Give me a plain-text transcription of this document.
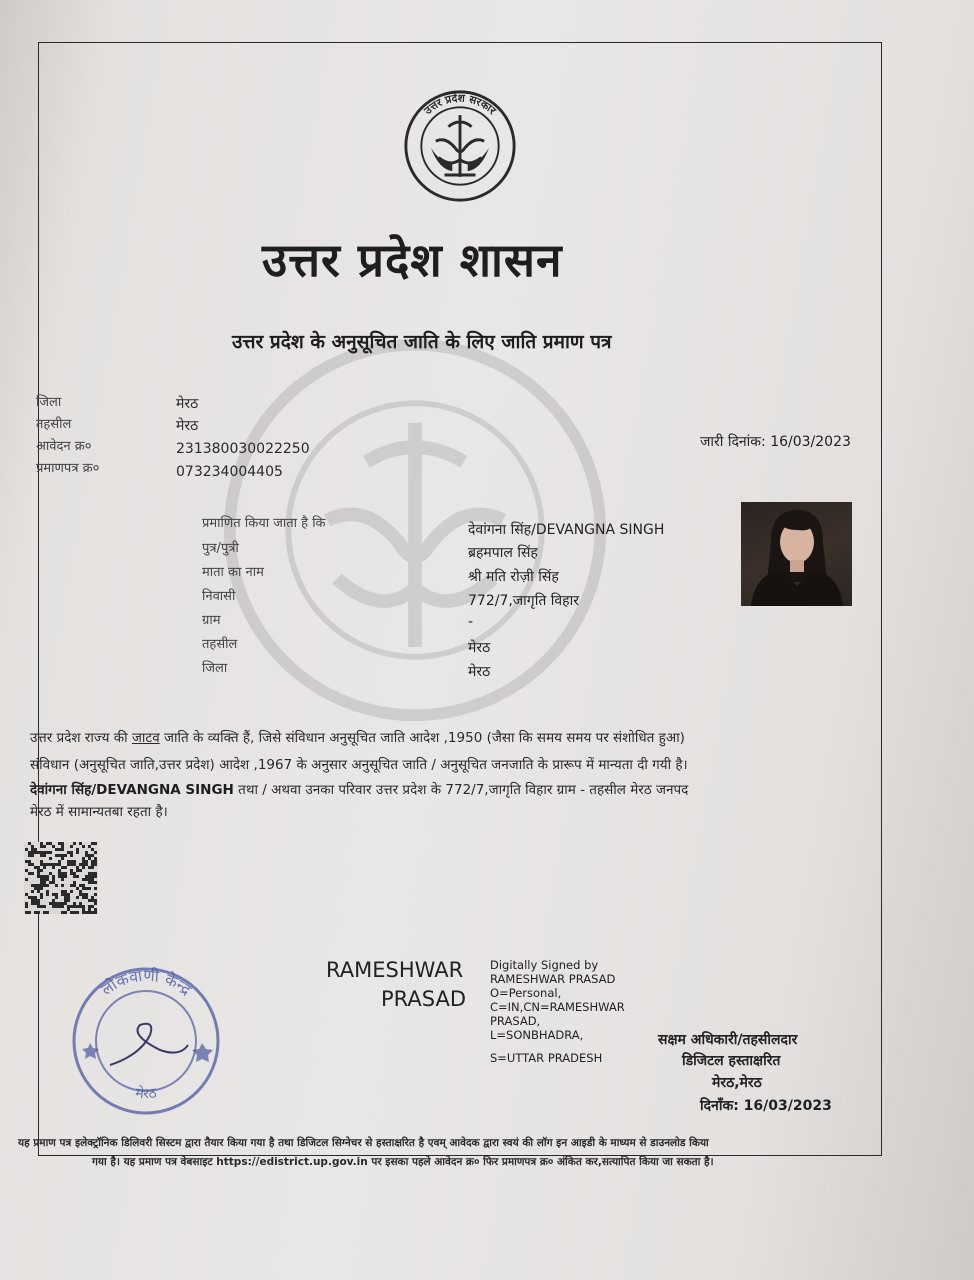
उत्तर प्रदेश सरकार
उत्तर प्रदेश शासन
उत्तर प्रदेश के अनुसूचित जाति के लिए जाति प्रमाण पत्र
जिला	मेरठ
तहसील	मेरठ
आवेदन क्र०	231380030022250
प्रमाणपत्र क्र०	073234004405
जारी दिनांक: 16/03/2023
प्रमाणित किया जाता है कि	देवांगना सिंह/DEVANGNA SINGH
पुत्र/पुत्री	ब्रहमपाल सिंह
माता का नाम	श्री मति रोज़ी सिंह
निवासी	772/7,जागृति विहार
ग्राम	-
तहसील	मेरठ
जिला	मेरठ
उत्तर प्रदेश राज्य की जाटव जाति के व्यक्ति हैं, जिसे संविधान अनुसूचित जाति आदेश ,1950 (जैसा कि समय समय पर संशोधित हुआ)
संविधान (अनुसूचित जाति,उत्तर प्रदेश) आदेश ,1967 के अनुसार अनुसूचित जाति / अनुसूचित जनजाति के प्रारूप में मान्यता दी गयी है।
देवांगना सिंह/DEVANGNA SINGH तथा / अथवा उनका परिवार उत्तर प्रदेश के 772/7,जागृति विहार ग्राम - तहसील मेरठ जनपद
मेरठ में सामान्यतबा रहता है।
RAMESHWAR
PRASAD
Digitally Signed by
RAMESHWAR PRASAD
O=Personal,
C=IN,CN=RAMESHWAR
PRASAD,
L=SONBHADRA,
S=UTTAR PRADESH
सक्षम अधिकारी/तहसीलदार
डिजिटल हस्ताक्षरित
मेरठ,मेरठ
दिनाँक: 16/03/2023
लोकवाणी केन्द्र
मेरठ
यह प्रमाण पत्र इलेक्ट्रॉनिक डिलिवरी सिस्टम द्वारा तैयार किया गया है तथा डिजिटल सिग्नेचर से हस्ताक्षरित है एवम् आवेदक द्वारा स्वयं की लॉग इन आइडी के माध्यम से डाउनलोड किया
गया है। यह प्रमाण पत्र वेबसाइट https://edistrict.up.gov.in पर इसका पहले आवेदन क्र० फिर प्रमाणपत्र क्र० अंकित कर,सत्यापित किया जा सकता है।
